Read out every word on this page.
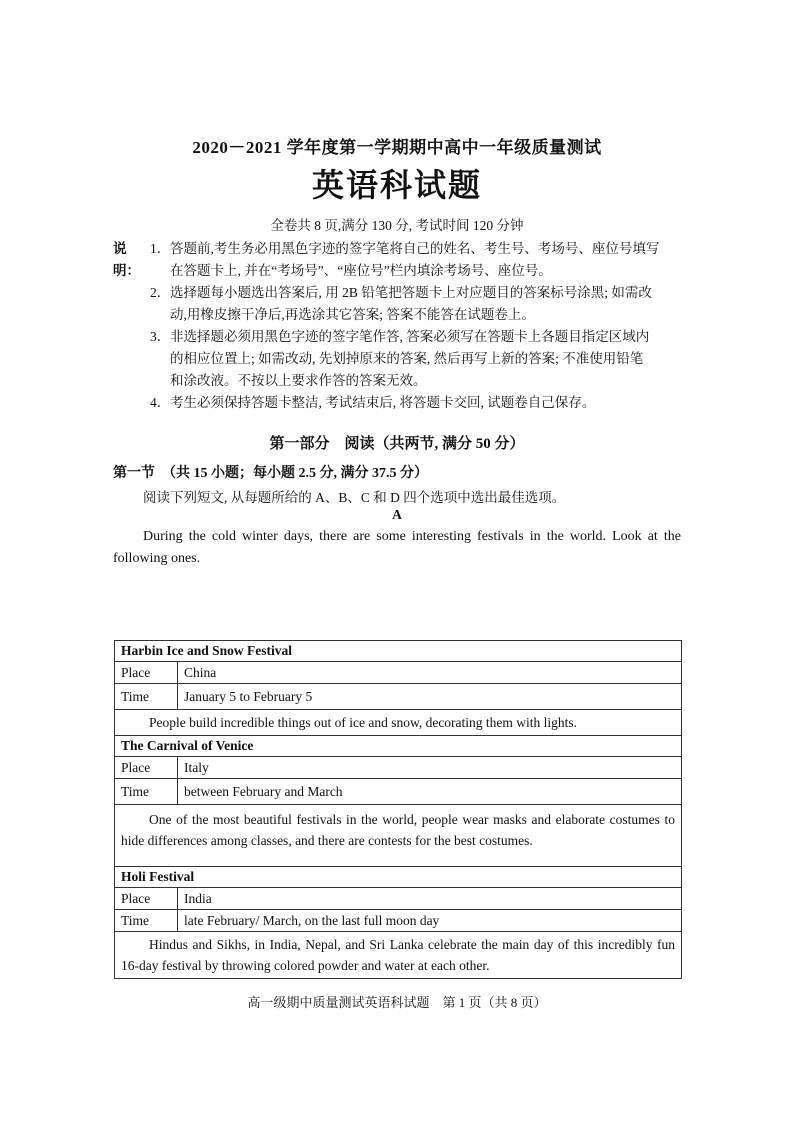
2020－2021 学年度第一学期期中高中一年级质量测试
英语科试题
全卷共 8 页,满分 130 分, 考试时间 120 分钟
说明：
1． 答题前,考生务必用黑色字迹的签字笔将自己的姓名、考生号、考场号、座位号填写
在答题卡上, 并在“考场号”、“座位号”栏内填涂考场号、座位号。
2． 选择题每小题选出答案后, 用 2B 铅笔把答题卡上对应题目的答案标号涂黑; 如需改
动,用橡皮擦干净后,再选涂其它答案; 答案不能答在试题卷上。
3． 非选择题必须用黑色字迹的签字笔作答, 答案必须写在答题卡上各题目指定区域内
的相应位置上; 如需改动, 先划掉原来的答案, 然后再写上新的答案; 不准使用铅笔
和涂改液。不按以上要求作答的答案无效。
4． 考生必须保持答题卡整洁, 考试结束后, 将答题卡交回, 试题卷自己保存。
第一部分　阅读（共两节, 满分 50 分）
第一节　（共 15 小题；每小题 2.5 分, 满分 37.5 分）
阅读下列短文, 从每题所给的 A、B、C 和 D 四个选项中选出最佳选项。
A
During the cold winter days, there are some interesting festivals in the world. Look at the following ones.
Harbin Ice and Snow Festival	
Place	China
Time	January 5 to February 5
People build incredible things out of ice and snow, decorating them with lights.	
The Carnival of Venice	
Place	Italy
Time	between February and March
One of the most beautiful festivals in the world, people wear masks and elaborate costumes to hide differences among classes, and there are contests for the best costumes.	
Holi Festival	
Place	India
Time	late February/ March, on the last full moon day
Hindus and Sikhs, in India, Nepal, and Sri Lanka celebrate the main day of this incredibly fun 16-day festival by throwing colored powder and water at each other.	
高一级期中质量测试英语科试题　第 1 页（共 8 页）
